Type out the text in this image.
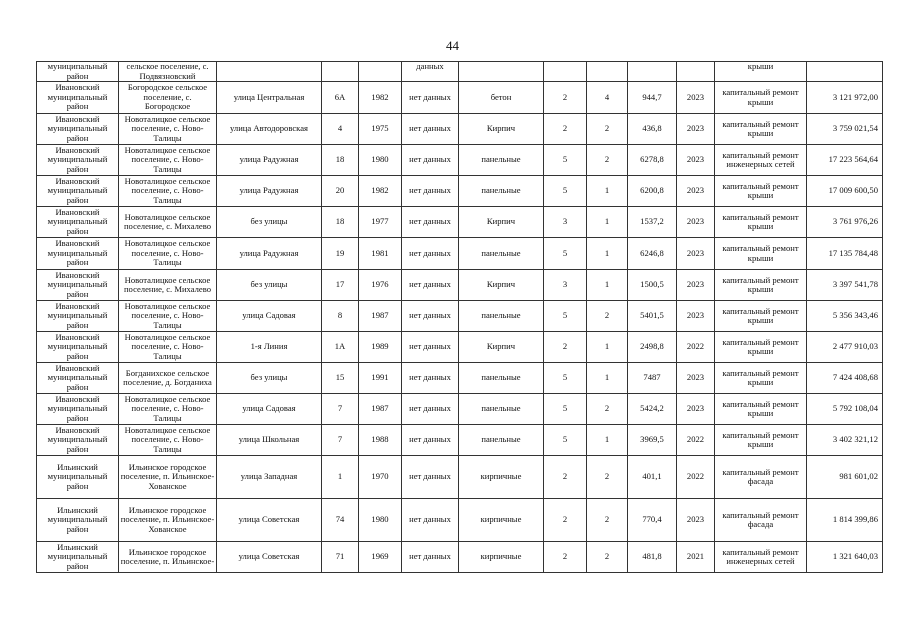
44
муниципальный район	сельское поселение, с. Подвязновский				данных						крыши	
Ивановский муниципальный район	Богородское сельское поселение, с. Богородское	улица Центральная	6А	1982	нет данных	бетон	2	4	944,7	2023	капитальный ремонт крыши	3 121 972,00
Ивановский муниципальный район	Новоталицкое сельское поселение, с. Ново-Талицы	улица Автодоровская	4	1975	нет данных	Кирпич	2	2	436,8	2023	капитальный ремонт крыши	3 759 021,54
Ивановский муниципальный район	Новоталицкое сельское поселение, с. Ново-Талицы	улица Радужная	18	1980	нет данных	панельные	5	2	6278,8	2023	капитальный ремонт инженерных сетей	17 223 564,64
Ивановский муниципальный район	Новоталицкое сельское поселение, с. Ново-Талицы	улица Радужная	20	1982	нет данных	панельные	5	1	6200,8	2023	капитальный ремонт крыши	17 009 600,50
Ивановский муниципальный район	Новоталицкое сельское поселение, с. Михалево	без улицы	18	1977	нет данных	Кирпич	3	1	1537,2	2023	капитальный ремонт крыши	3 761 976,26
Ивановский муниципальный район	Новоталицкое сельское поселение, с. Ново-Талицы	улица Радужная	19	1981	нет данных	панельные	5	1	6246,8	2023	капитальный ремонт крыши	17 135 784,48
Ивановский муниципальный район	Новоталицкое сельское поселение, с. Михалево	без улицы	17	1976	нет данных	Кирпич	3	1	1500,5	2023	капитальный ремонт крыши	3 397 541,78
Ивановский муниципальный район	Новоталицкое сельское поселение, с. Ново-Талицы	улица Садовая	8	1987	нет данных	панельные	5	2	5401,5	2023	капитальный ремонт крыши	5 356 343,46
Ивановский муниципальный район	Новоталицкое сельское поселение, с. Ново-Талицы	1-я Линия	1А	1989	нет данных	Кирпич	2	1	2498,8	2022	капитальный ремонт крыши	2 477 910,03
Ивановский муниципальный район	Богданихское сельское поселение, д. Богданиха	без улицы	15	1991	нет данных	панельные	5	1	7487	2023	капитальный ремонт крыши	7 424 408,68
Ивановский муниципальный район	Новоталицкое сельское поселение, с. Ново-Талицы	улица Садовая	7	1987	нет данных	панельные	5	2	5424,2	2023	капитальный ремонт крыши	5 792 108,04
Ивановский муниципальный район	Новоталицкое сельское поселение, с. Ново-Талицы	улица Школьная	7	1988	нет данных	панельные	5	1	3969,5	2022	капитальный ремонт крыши	3 402 321,12
Ильинский муниципальный район	Ильинское городское поселение, п. Ильинское-Хованское	улица Западная	1	1970	нет данных	кирпичные	2	2	401,1	2022	капитальный ремонт фасада	981 601,02
Ильинский муниципальный район	Ильинское городское поселение, п. Ильинское-Хованское	улица Советская	74	1980	нет данных	кирпичные	2	2	770,4	2023	капитальный ремонт фасада	1 814 399,86
Ильинский муниципальный район	Ильинское городское поселение, п. Ильинское-	улица Советская	71	1969	нет данных	кирпичные	2	2	481,8	2021	капитальный ремонт инженерных сетей	1 321 640,03
